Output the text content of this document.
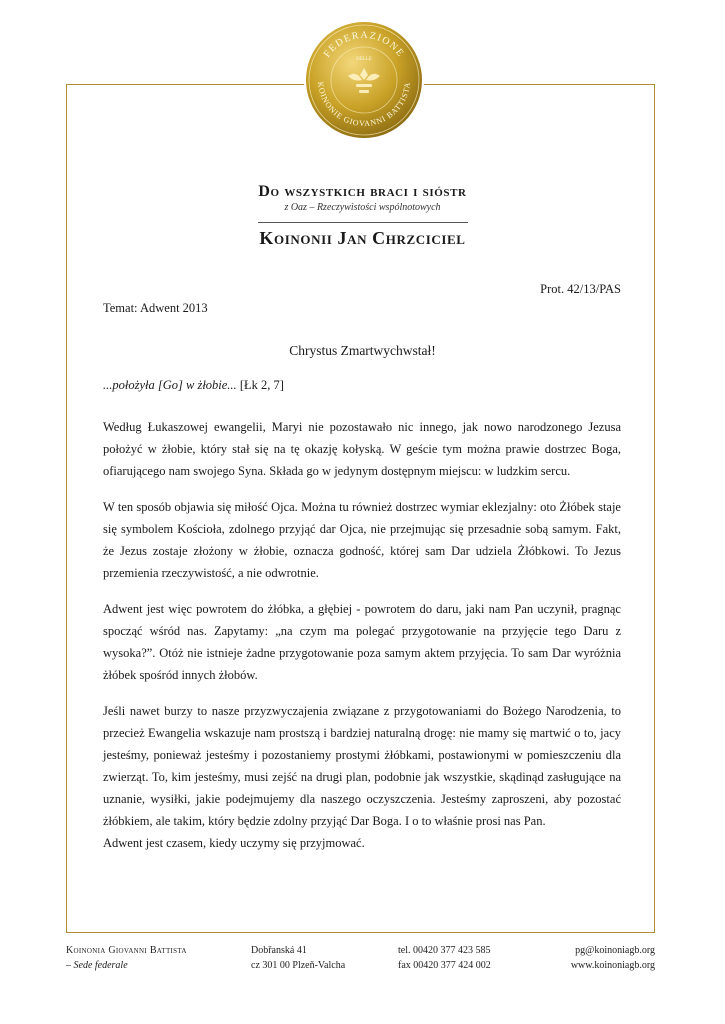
FEDERAZIONE
DELLE
KOINONIE GIOVANNI BATTISTA
Do wszystkich braci i sióstr
z Oaz – Rzeczywistości wspólnotowych
Koinonii Jan Chrzciciel
Prot. 42/13/PAS
Temat: Adwent 2013
Chrystus Zmartwychwstał!
...położyła [Go] w żłobie... [Łk 2, 7]

Według Łukaszowej ewangelii, Maryi nie pozostawało nic innego, jak nowo narodzonego Jezusa położyć w żłobie, który stał się na tę okazję kołyską. W geście tym można prawie dostrzec Boga, ofiarującego nam swojego Syna. Składa go w jedynym dostępnym miejscu: w ludzkim sercu.

W ten sposób objawia się miłość Ojca. Można tu również dostrzec wymiar eklezjalny: oto Żłóbek staje się symbolem Kościoła, zdolnego przyjąć dar Ojca, nie przejmując się przesadnie sobą samym. Fakt, że Jezus zostaje złożony w żłobie, oznacza godność, której sam Dar udziela Żłóbkowi. To Jezus przemienia rzeczywistość, a nie odwrotnie.

Adwent jest więc powrotem do żłóbka, a głębiej - powrotem do daru, jaki nam Pan uczynił, pragnąc spocząć wśród nas. Zapytamy: „na czym ma polegać przygotowanie na przyjęcie tego Daru z wysoka?”. Otóż nie istnieje żadne przygotowanie poza samym aktem przyjęcia. To sam Dar wyróżnia żłóbek spośród innych żłobów.

Jeśli nawet burzy to nasze przyzwyczajenia związane z przygotowaniami do Bożego Narodzenia, to przecież Ewangelia wskazuje nam prostszą i bardziej naturalną drogę: nie mamy się martwić o to, jacy jesteśmy, ponieważ jesteśmy i pozostaniemy prostymi żłóbkami, postawionymi w pomieszczeniu dla zwierząt. To, kim jesteśmy, musi zejść na drugi plan, podobnie jak wszystkie, skądinąd zasługujące na uznanie, wysiłki, jakie podejmujemy dla naszego oczyszczenia. Jesteśmy zaproszeni, aby pozostać żłóbkiem, ale takim, który będzie zdolny przyjąć Dar Boga. I o to właśnie prosi nas Pan.

Adwent jest czasem, kiedy uczymy się przyjmować.

Koinonia Giovanni Battista
– Sede federale
Dobřanská 41
cz 301 00 Plzeň-Valcha
tel. 00420 377 423 585
fax 00420 377 424 002
pg@koinoniagb.org
www.koinoniagb.org
